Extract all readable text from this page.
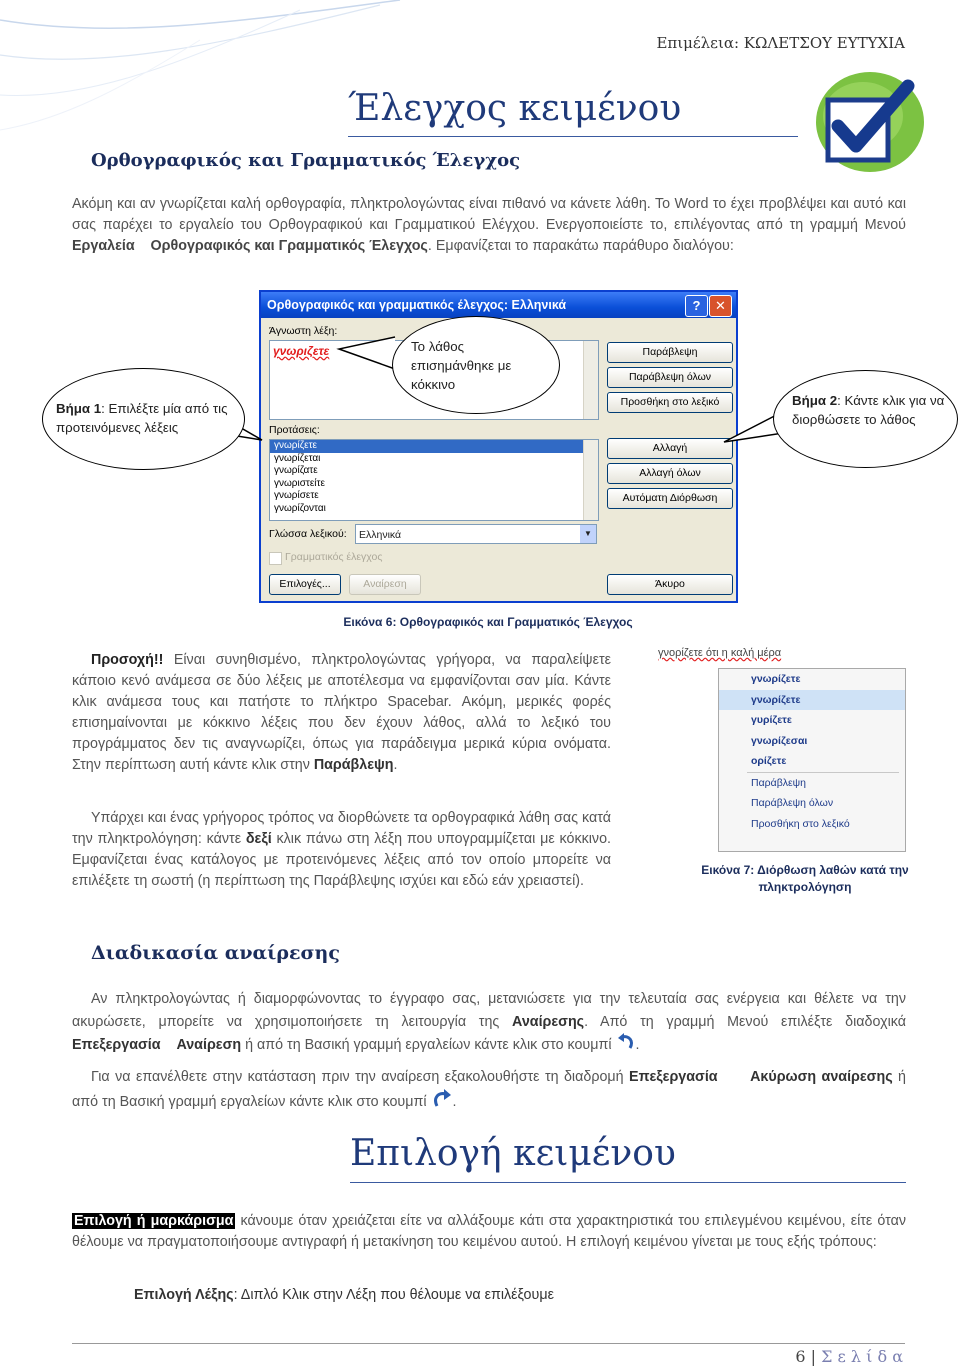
Επιμέλεια: ΚΩΛΕΤΣΟΥ ΕΥΤΥΧΙΑ
Έλεγχος κειμένου
Ορθογραφικός και Γραμματικός Έλεγχος
Ακόμη και αν γνωρίζεται καλή ορθογραφία, πληκτρολογώντας είναι πιθανό να κάνετε λάθη. Το Word το έχει προβλέψει και αυτό και σας παρέχει το εργαλείο του Ορθογραφικού και Γραμματικού Ελέγχου. Ενεργοποιείστε το, επιλέγοντας από τη γραμμή Μενού Εργαλεία Ορθογραφικός και Γραμματικός Έλεγχος. Εμφανίζεται το παρακάτω παράθυρο διαλόγου:
Ορθογραφικός και γραμματικός έλεγχος: Ελληνικά	?	✕
Άγνωστη λέξη:
γνωριζετε
Προτάσεις:
γνωρίζετε
γνωρίζεται
γνωρίζατε
γνωριστείτε
γνωρίσετε
γνωρίζονται
Παράβλεψη
Παράβλεψη όλων
Προσθήκη στο λεξικό
Αλλαγή
Αλλαγή όλων
Αυτόματη Διόρθωση
Γλώσσα λεξικού:	Ελληνικά	▼
Γραμματικός έλεγχος
Επιλογές...	Αναίρεση	Άκυρο
Βήμα 1: Επιλέξτε μία από τις προτεινόμενες λέξεις
Το λάθος επισημάνθηκε με κόκκινο
Βήμα 2: Κάντε κλικ για να διορθώσετε το λάθος
Εικόνα 6: Ορθογραφικός και Γραμματικός Έλεγχος
Προσοχή!! Είναι συνηθισμένο, πληκτρολογώντας γρήγορα, να παραλείψετε κάποιο κενό ανάμεσα σε δύο λέξεις με αποτέλεσμα να εμφανίζονται σαν μία. Κάντε κλικ ανάμεσα τους και πατήστε το πλήκτρο Spacebar. Ακόμη, μερικές φορές επισημαίνονται με κόκκινο λέξεις που δεν έχουν λάθος, αλλά το λεξικό του προγράμματος δεν τις αναγνωρίζει, όπως για παράδειγμα μερικά κύρια ονόματα. Στην περίπτωση αυτή κάντε κλικ στην Παράβλεψη.
Υπάρχει και ένας γρήγορος τρόπος να διορθώνετε τα ορθογραφικά λάθη σας κατά την πληκτρολόγηση: κάντε δεξί κλικ πάνω στη λέξη που υπογραμμίζεται με κόκκινο. Εμφανίζεται ένας κατάλογος με προτεινόμενες λέξεις από τον οποίο μπορείτε να επιλέξετε τη σωστή (η περίπτωση της Παράβλεψης ισχύει και εδώ εάν χρειαστεί).
γνορίζετε ότι η καλή μέρα
γνωρίζετε
γνωρίζετε
γυρίζετε
γνωρίζεσαι
ορίζετε
Παράβλεψη
Παράβλεψη όλων
Προσθήκη στο λεξικό
Εικόνα 7: Διόρθωση λαθών κατά την πληκτρολόγηση
Διαδικασία αναίρεσης
Αν πληκτρολογώντας ή διαμορφώνοντας το έγγραφο σας, μετανιώσετε για την τελευταία σας ενέργεια και θέλετε να την ακυρώσετε, μπορείτε να χρησιμοποιήσετε τη λειτουργία της Αναίρεσης. Από τη γραμμή Μενού επιλέξτε διαδοχικά Επεξεργασία Αναίρεση ή από τη Βασική γραμμή εργαλείων κάντε κλικ στο κουμπί .
Για να επανέλθετε στην κατάσταση πριν την αναίρεση εξακολουθήστε τη διαδρομή Επεξεργασία Ακύρωση αναίρεσης ή από τη Βασική γραμμή εργαλείων κάντε κλικ στο κουμπί .
Επιλογή κειμένου
Επιλογή ή μαρκάρισμα κάνουμε όταν χρειάζεται είτε να αλλάξουμε κάτι στα χαρακτηριστικά του επιλεγμένου κειμένου, είτε όταν θέλουμε να πραγματοποιήσουμε αντιγραφή ή μετακίνηση του κειμένου αυτού. Η επιλογή κειμένου γίνεται με τους εξής τρόπους:
Επιλογή Λέξης: Διπλό Κλικ στην Λέξη που θέλουμε να επιλέξουμε
6 | Σ ε λ ί δ α
